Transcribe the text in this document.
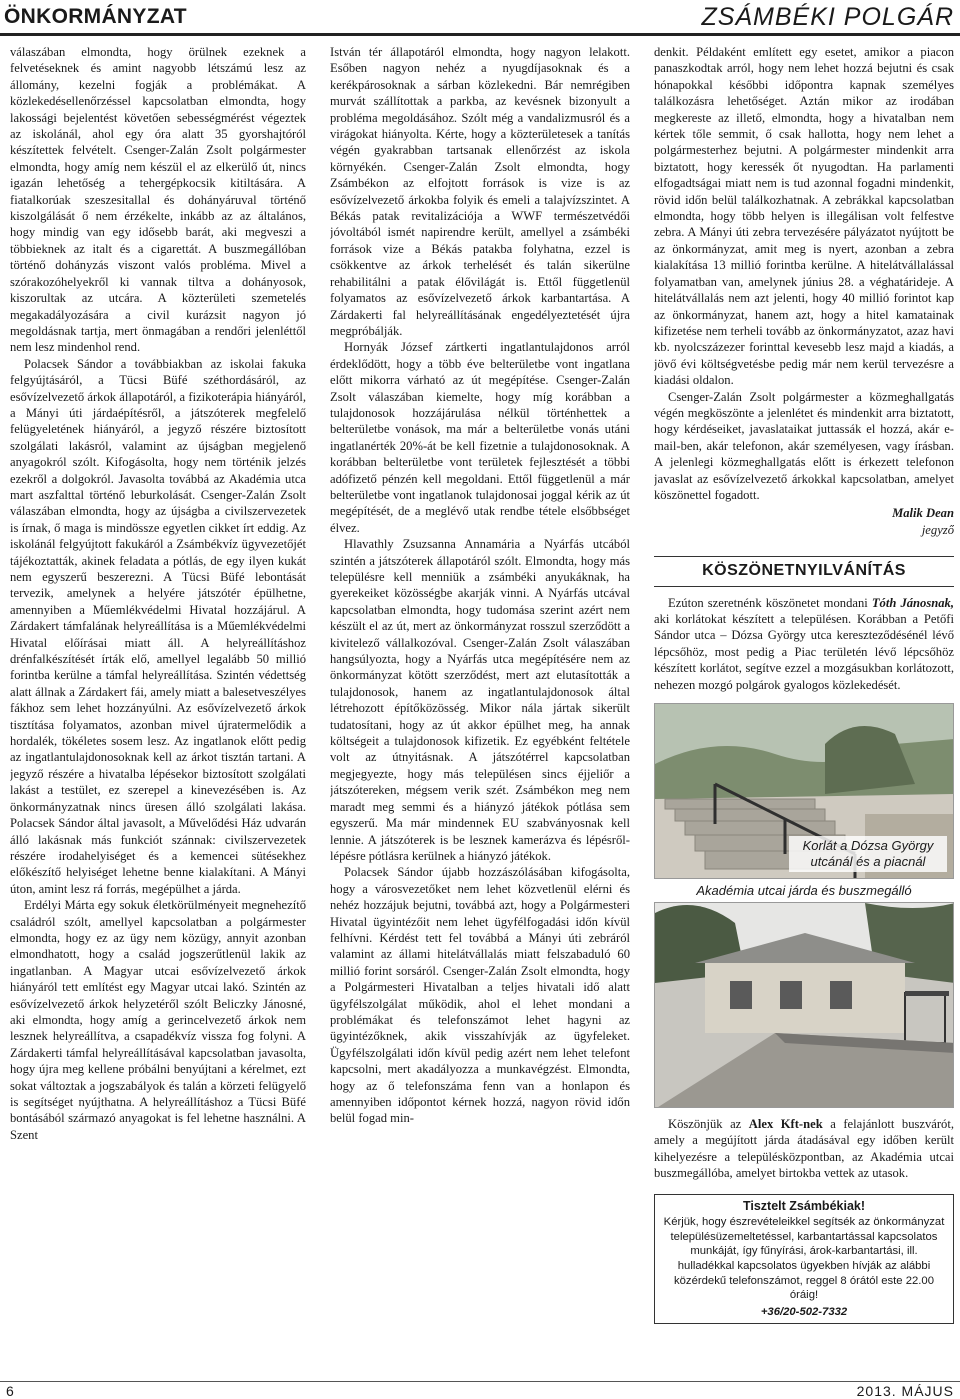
ÖNKORMÁNYZAT	ZSÁMBÉKI POLGÁR

válaszában elmondta, hogy örülnek ezeknek a felvetéseknek és amint nagyobb létszámú lesz az állomány, kezelni fogják a problémákat. A közlekedésellenőrzéssel kapcsolatban elmondta, hogy lakossági bejelentést követően sebességmérést végeztek az iskolánál, ahol egy óra alatt 35 gyorshajtóról készítettek felvételt. Csenger-Zalán Zsolt polgármester elmondta, hogy amíg nem készül el az elkerülő út, nincs igazán lehetőség a tehergépkocsik kitiltására. A fiatalkorúak szeszesitallal és dohányáruval történő kiszolgálását ő nem érzékelte, inkább az az általános, hogy mindig van egy idősebb barát, aki megveszi a többieknek az italt és a cigarettát. A buszmegállóban történő dohányzás viszont valós probléma. Mivel a szórakozóhelyekről ki vannak tiltva a dohányosok, kiszorultak az utcára. A közterületi szemetelés megakadályozására a civil kurázsit nagyon jó megoldásnak tartja, mert önmagában a rendőri jelenléttől nem lesz mindenhol rend.

Polacsek Sándor a továbbiakban az iskolai fakuka felgyújtásáról, a Tücsi Büfé széthordásáról, az esővízelvezető árkok állapotáról, a fizikoterápia hiányáról, a Mányi úti járdaépítésről, a játszóterek megfelelő felügyeletének hiányáról, a jegyző részére biztosított szolgálati lakásról, valamint az újságban megjelenő anyagokról szólt. Kifogásolta, hogy nem történik jelzés ezekről a dolgokról. Javasolta továbbá az Akadémia utca mart aszfalttal történő leburkolását. Csenger-Zalán Zsolt válaszában elmondta, hogy az újságba a civilszervezetek is írnak, ő maga is mindössze egyetlen cikket írt eddig. Az iskolánál felgyújtott fakukáról a Zsámbékvíz ügyvezetőjét tájékoztatták, akinek feladata a pótlás, de egy ilyen kukát nem egyszerű beszerezni. A Tücsi Büfé lebontását tervezik, amelynek a helyére játszótér épülhetne, amennyiben a Műemlékvédelmi Hivatal hozzájárul. A Zárdakert támfalának helyreállítása is a Műemlékvédelmi Hivatal előírásai miatt áll. A helyreállításhoz drénfalkészítését írták elő, amellyel legalább 50 millió forintba kerülne a támfal helyreállítása. Szintén védettség alatt állnak a Zárdakert fái, amely miatt a balesetveszélyes fákhoz sem lehet hozzányúlni. Az esővízelvezető árkok tisztítása folyamatos, azonban mivel újratermelődik a hordalék, tökéletes sosem lesz. Az ingatlanok előtt pedig az ingatlantulajdonosoknak kell az árkot tisztán tartani. A jegyző részére a hivatalba lépésekor biztosított szolgálati lakást a testület, ez szerepel a kinevezésében is. Az önkormányzatnak nincs üresen álló szolgálati lakása. Polacsek Sándor által javasolt, a Művelődési Ház udvarán álló lakásnak más funkciót szánnak: civilszervezetek részére irodahelyiséget és a kemencei sütésekhez előkészítő helyiséget lehetne benne kialakítani. A Mányi úton, amint lesz rá forrás, megépülhet a járda.

Erdélyi Márta egy sokuk életkörülményeit megnehezítő családról szólt, amellyel kapcsolatban a polgármester elmondta, hogy ez az ügy nem közügy, annyit azonban elmondhatott, hogy a család jogszerűtlenül lakik az ingatlanban. A Magyar utcai esővízelvezető árkok hiányáról tett említést egy Magyar utcai lakó. Szintén az esővízelvezető árkok helyzetéről szólt Beliczky Jánosné, aki elmondta, hogy amíg a gerincelvezető árkok nem lesznek helyreállítva, a csapadékvíz vissza fog folyni. A Zárdakerti támfal helyreállításával kapcsolatban javasolta, hogy újra meg kellene próbálni benyújtani a kérelmet, ezt sokat változtak a jogszabályok és talán a körzeti felügyelő is segítséget nyújthatna. A helyreállításhoz a Tücsi Büfé bontásából származó anyagokat is fel lehetne használni. A Szent

István tér állapotáról elmondta, hogy nagyon lelakott. Esőben nagyon nehéz a nyugdíjasoknak és a kerékpárosoknak a sárban közlekedni. Bár nemrégiben murvát szállítottak a parkba, az kevésnek bizonyult a probléma megoldásához. Szólt még a vandalizmusról és a virágokat hiányolta. Kérte, hogy a közterületesek a tanítás végén gyakrabban tartsanak ellenőrzést az iskola környékén. Csenger-Zalán Zsolt elmondta, hogy Zsámbékon az elfojtott források is vize is az esővízelvezető árkokba folyik és emeli a talajvízszintet. A Békás patak revitalizációja a WWF természetvédői jóvoltából ismét napirendre került, amellyel a zsámbéki források vize a Békás patakba folyhatna, ezzel is csökkentve az árkok terhelését és talán sikerülne rehabilitálni a patak élővilágát is. Ettől függetlenül folyamatos az esővízelvezető árkok karbantartása. A Zárdakerti fal helyreállításának engedélyeztetését újra megpróbálják.

Hornyák József zártkerti ingatlantulajdonos arról érdeklődött, hogy a több éve belterületbe vont ingatlana előtt mikorra várható az út megépítése. Csenger-Zalán Zsolt válaszában kiemelte, hogy míg korábban a tulajdonosok hozzájárulása nélkül történhettek a belterületbe vonások, ma már a belterületbe vonás utáni ingatlanérték 20%-át be kell fizetnie a tulajdonosoknak. A korábban belterületbe vont területek fejlesztését a többi adófizető pénzén kell megoldani. Ettől függetlenül a már belterületbe vont ingatlanok tulajdonosai joggal kérik az út megépítését, de a meglévő utak rendbe tétele elsőbbséget élvez.

Hlavathly Zsuzsanna Annamária a Nyárfás utcából szintén a játszóterek állapotáról szólt. Elmondta, hogy más településre kell menniük a zsámbéki anyukáknak, ha gyerekeiket közösségbe akarják vinni. A Nyárfás utcával kapcsolatban elmondta, hogy tudomása szerint azért nem készült el az út, mert az önkormányzat rosszul szerződött a kivitelező vállalkozóval. Csenger-Zalán Zsolt válaszában hangsúlyozta, hogy a Nyárfás utca megépítésére nem az önkormányzat kötött szerződést, mert azt elutasították a tulajdonosok, hanem az ingatlantulajdonosok által létrehozott építőközösség. Mikor nála jártak sikerült tudatosítani, hogy az út akkor épülhet meg, ha annak költségeit a tulajdonosok kifizetik. Ez egyébként feltétele volt az útnyitásnak. A játszótérrel kapcsolatban megjegyezte, hogy más településen sincs éjjeliőr a játszótereken, mégsem verik szét. Zsámbékon meg nem maradt meg semmi és a hiányzó játékok pótlása sem egyszerű. Ma már mindennek EU szabványosnak kell lennie. A játszóterek is be lesznek kamerázva és lépésről-lépésre pótlásra kerülnek a hiányzó játékok.

Polacsek Sándor újabb hozzászólásában kifogásolta, hogy a városvezetőket nem lehet közvetlenül elérni és nehéz hozzájuk bejutni, továbbá azt, hogy a Polgármesteri Hivatal ügyintézőit nem lehet ügyfélfogadási időn kívül felhívni. Kérdést tett fel továbbá a Mányi úti zebráról valamint az állami hitelátvállalás miatt felszabaduló 60 millió forint sorsáról. Csenger-Zalán Zsolt elmondta, hogy a Polgármesteri Hivatalban a teljes hivatali idő alatt ügyfélszolgálat működik, ahol el lehet mondani a problémákat és telefonszámot lehet hagyni az ügyintézőknek, akik visszahívják az ügyfeleket. Ügyfélszolgálati időn kívül pedig azért nem lehet telefont kapcsolni, mert akadályozza a munkavégzést. Elmondta, hogy az ő telefonszáma fenn van a honlapon és amennyiben időpontot kérnek hozzá, nagyon rövid időn belül fogad min-

denkit. Példaként említett egy esetet, amikor a piacon panaszkodtak arról, hogy nem lehet hozzá bejutni és csak hónapokkal későbbi időpontra kapnak személyes találkozásra lehetőséget. Aztán mikor az irodában megkereste az illető, elmondta, hogy a hivatalban nem kértek tőle semmit, ő csak hallotta, hogy nem lehet a polgármesterhez bejutni. A polgármester mindenkit arra biztatott, hogy keressék őt nyugodtan. Ha parlamenti elfogadtságai miatt nem is tud azonnal fogadni mindenkit, rövid időn belül találkozhatnak. A zebrákkal kapcsolatban elmondta, hogy több helyen is illegálisan volt felfestve zebra. A Mányi úti zebra tervezésére pályázatot nyújtott be az önkormányzat, amit meg is nyert, azonban a zebra kialakítása 13 millió forintba kerülne. A hitelátvállalással folyamatban van, amelynek június 28. a véghatárideje. A hitelátvállalás nem azt jelenti, hogy 40 millió forintot kap az önkormányzat, hanem azt, hogy a hitel kamatainak kifizetése nem terheli tovább az önkormányzatot, azaz havi kb. nyolcszázezer forinttal kevesebb lesz majd a kiadás, a jövő évi költségvetésbe pedig már nem kerül tervezésre a kiadási oldalon.

Csenger-Zalán Zsolt polgármester a közmeghallgatás végén megköszönte a jelenlétet és mindenkit arra biztatott, hogy kérdéseiket, javaslataikat juttassák el hozzá, akár e-mail-ben, akár telefonon, akár személyesen, vagy írásban. A jelenlegi közmeghallgatás előtt is érkezett telefonon javaslat az esővízelvezető árkokkal kapcsolatban, amelyet köszönettel fogadott.

Malik Dean
jegyző
KÖSZÖNETNYILVÁNÍTÁS

Ezúton szeretnénk köszönetet mondani Tóth Jánosnak, aki korlátokat készített a településen. Korábban a Petőfi Sándor utca – Dózsa György utca kereszteződésénél lévő lépcsőhöz, most pedig a Piac területén lévő lépcsőhöz készített korlátot, segítve ezzel a mozgásukban korlátozott, nehezen mozgó polgárok gyalogos közlekedését.

Korlát a Dózsa György utcánál és a piacnál
Akadémia utcai járda és buszmegálló

Köszönjük az Alex Kft-nek a felajánlott buszvárót, amely a megújított járda átadásával egy időben került kihelyezésre a településközpontban, az Akadémia utcai buszmegállóba, amelyet birtokba vettek az utasok.

Tisztelt Zsámbékiak!
Kérjük, hogy észrevételeikkel segítsék az önkormányzat településüzemeltetéssel, karbantartással kapcsolatos munkáját, így fűnyírási, árok-karbantartási, ill. hulladékkal kapcsolatos ügyekben hívják az alábbi közérdekű telefonszámot, reggel 8 órától este 22.00 óráig!
+36/20-502-7332
6	2013. MÁJUS
